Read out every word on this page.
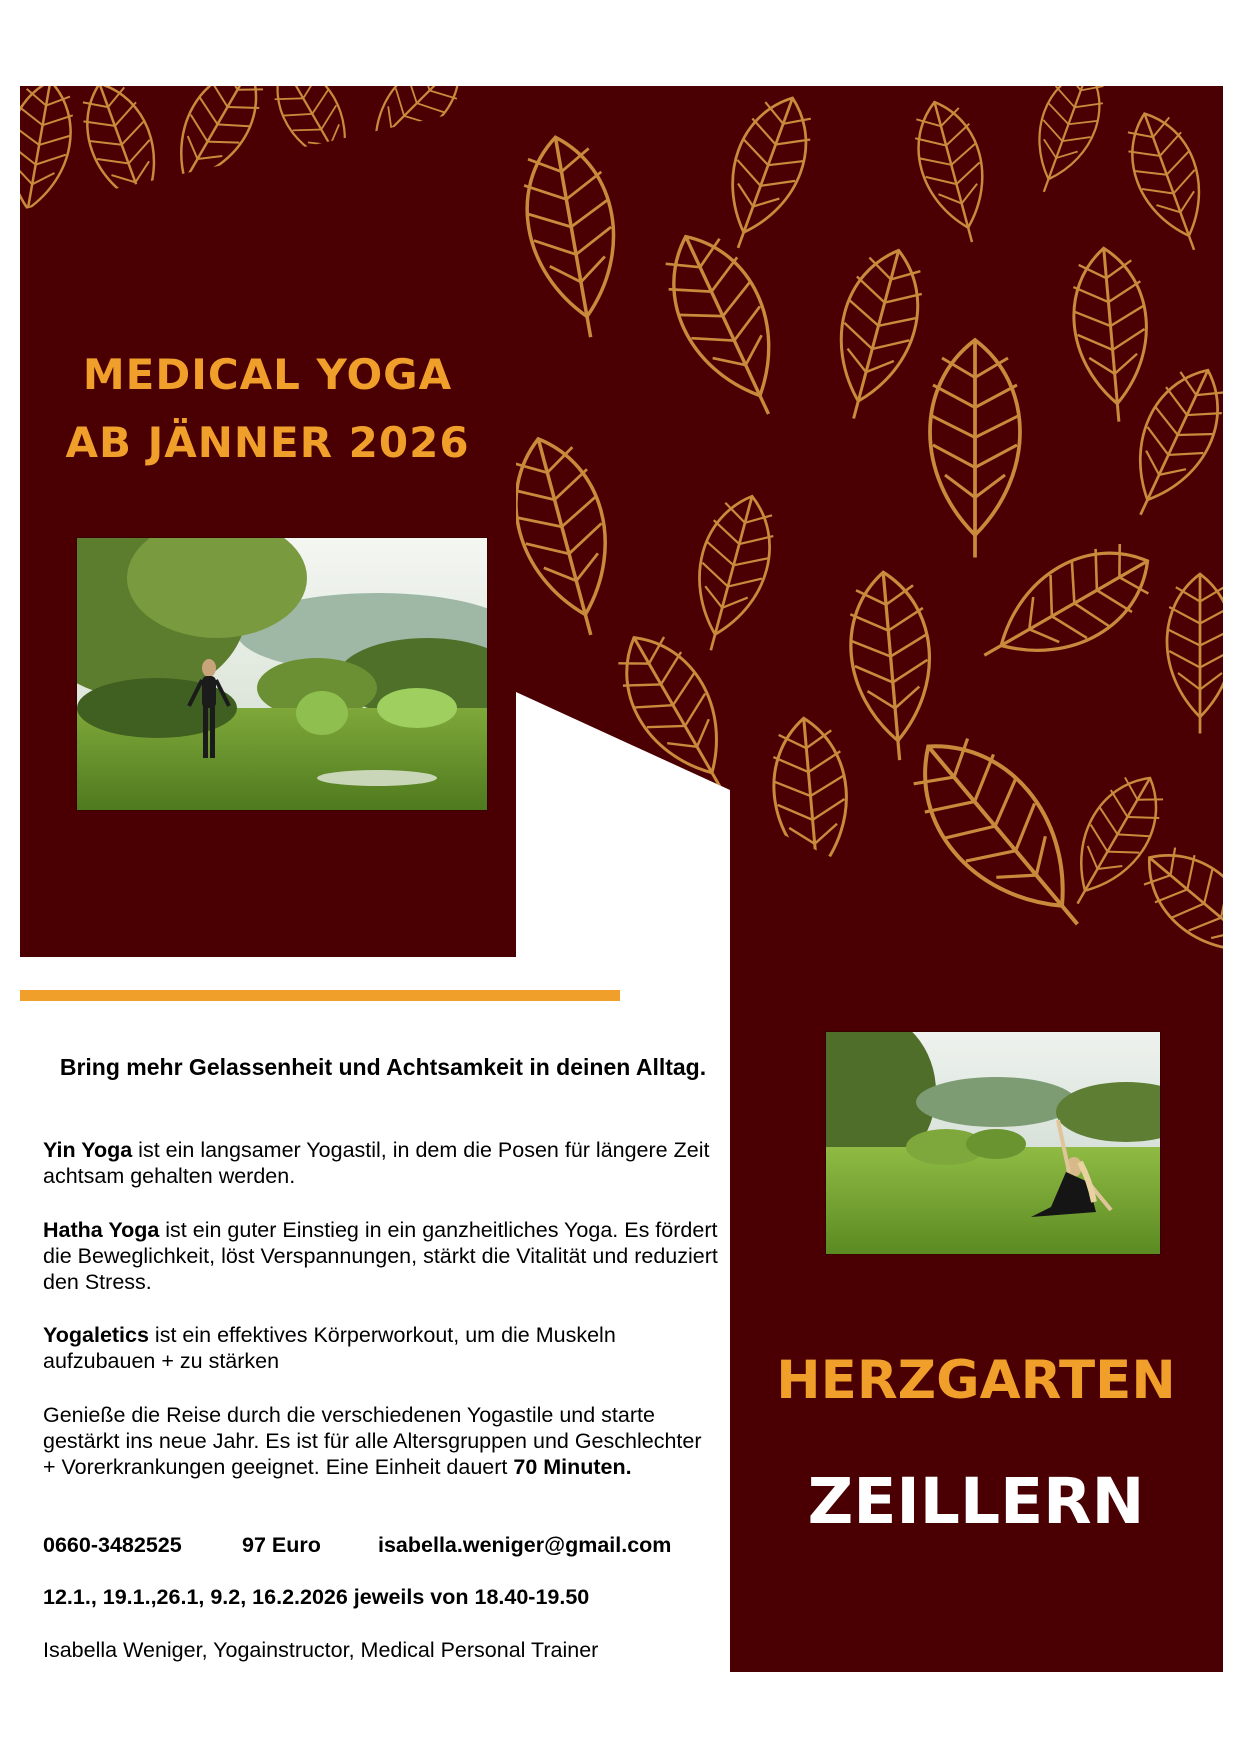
MEDICAL YOGA
AB JÄNNER 2026
HERZGARTEN
ZEILLERN
Bring mehr Gelassenheit und Achtsamkeit in deinen Alltag.
Yin Yoga ist ein langsamer Yogastil, in dem die Posen für längere Zeit achtsam gehalten werden.
Hatha Yoga ist ein guter Einstieg in ein ganzheitliches Yoga. Es fördert die Beweglichkeit, löst Verspannungen, stärkt die Vitalität und reduziert den Stress.
Yogaletics ist ein effektives Körperworkout, um die Muskeln aufzubauen + zu stärken
Genieße die Reise durch die verschiedenen Yogastile und starte gestärkt ins neue Jahr. Es ist für alle Altersgruppen und Geschlechter + Vorerkrankungen geeignet. Eine Einheit dauert 70 Minuten.
0660-3482525	97 Euro	isabella.weniger@gmail.com
12.1., 19.1.,26.1, 9.2, 16.2.2026 jeweils von 18.40-19.50
Isabella Weniger, Yogainstructor, Medical Personal Trainer
